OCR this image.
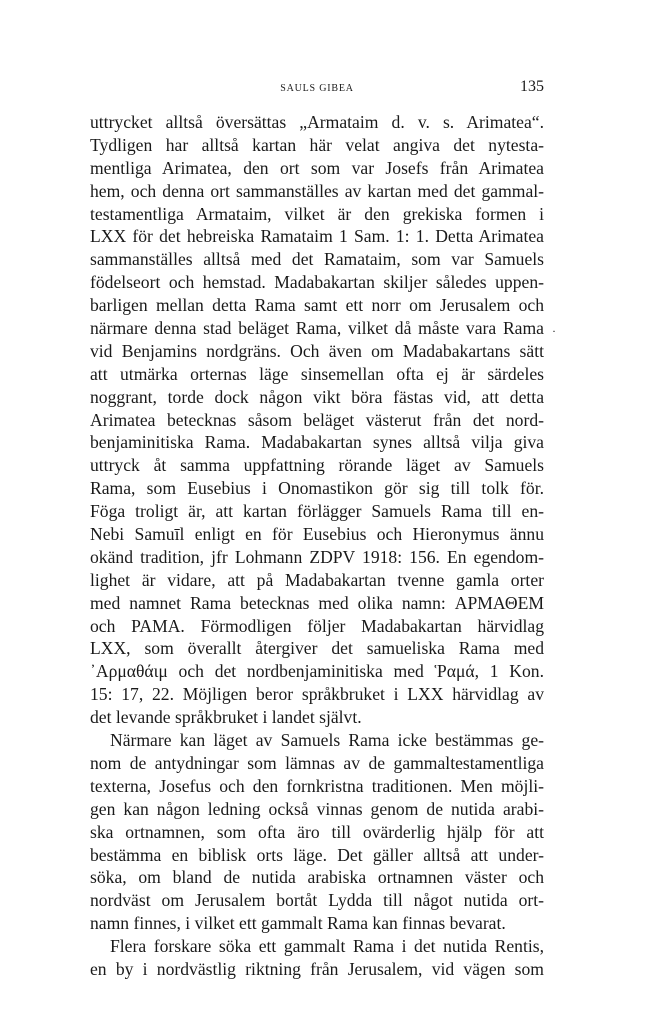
SAULS GIBEA	135
·
uttrycket alltså översättas „Armataim d. v. s. Arimatea“.
Tydligen har alltså kartan här velat angiva det nytesta-
mentliga Arimatea, den ort som var Josefs från Arimatea
hem, och denna ort sammanställes av kartan med det gammal-
testamentliga Armataim, vilket är den grekiska formen i
LXX för det hebreiska Ramataim 1 Sam. 1: 1. Detta Arimatea
sammanställes alltså med det Ramataim, som var Samuels
födelseort och hemstad. Madabakartan skiljer således uppen-
barligen mellan detta Rama samt ett norr om Jerusalem och
närmare denna stad beläget Rama, vilket då måste vara Rama
vid Benjamins nordgräns. Och även om Madabakartans sätt
att utmärka orternas läge sinsemellan ofta ej är särdeles
noggrant, torde dock någon vikt böra fästas vid, att detta
Arimatea betecknas såsom beläget västerut från det nord-
benjaminitiska Rama. Madabakartan synes alltså vilja giva
uttryck åt samma uppfattning rörande läget av Samuels
Rama, som Eusebius i Onomastikon gör sig till tolk för.
Föga troligt är, att kartan förlägger Samuels Rama till en-
Nebi Samuīl enligt en för Eusebius och Hieronymus ännu
okänd tradition, jfr Lohmann ZDPV 1918: 156. En egendom-
lighet är vidare, att på Madabakartan tvenne gamla orter
med namnet Rama betecknas med olika namn: ΑΡΜΑΘΕΜ
och ΡΑΜΑ. Förmodligen följer Madabakartan härvidlag
LXX, som överallt återgiver det samueliska Rama med
᾿Αρμαθάιμ och det nordbenjaminitiska med Ῥαμά, 1 Kon.
15: 17, 22. Möjligen beror språkbruket i LXX härvidlag av
det levande språkbruket i landet självt.
Närmare kan läget av Samuels Rama icke bestämmas ge-
nom de antydningar som lämnas av de gammaltestamentliga
texterna, Josefus och den fornkristna traditionen. Men möjli-
gen kan någon ledning också vinnas genom de nutida arabi-
ska ortnamnen, som ofta äro till ovärderlig hjälp för att
bestämma en biblisk orts läge. Det gäller alltså att under-
söka, om bland de nutida arabiska ortnamnen väster och
nordväst om Jerusalem bortåt Lydda till något nutida ort-
namn finnes, i vilket ett gammalt Rama kan finnas bevarat.
Flera forskare söka ett gammalt Rama i det nutida Rentis,
en by i nordvästlig riktning från Jerusalem, vid vägen som
